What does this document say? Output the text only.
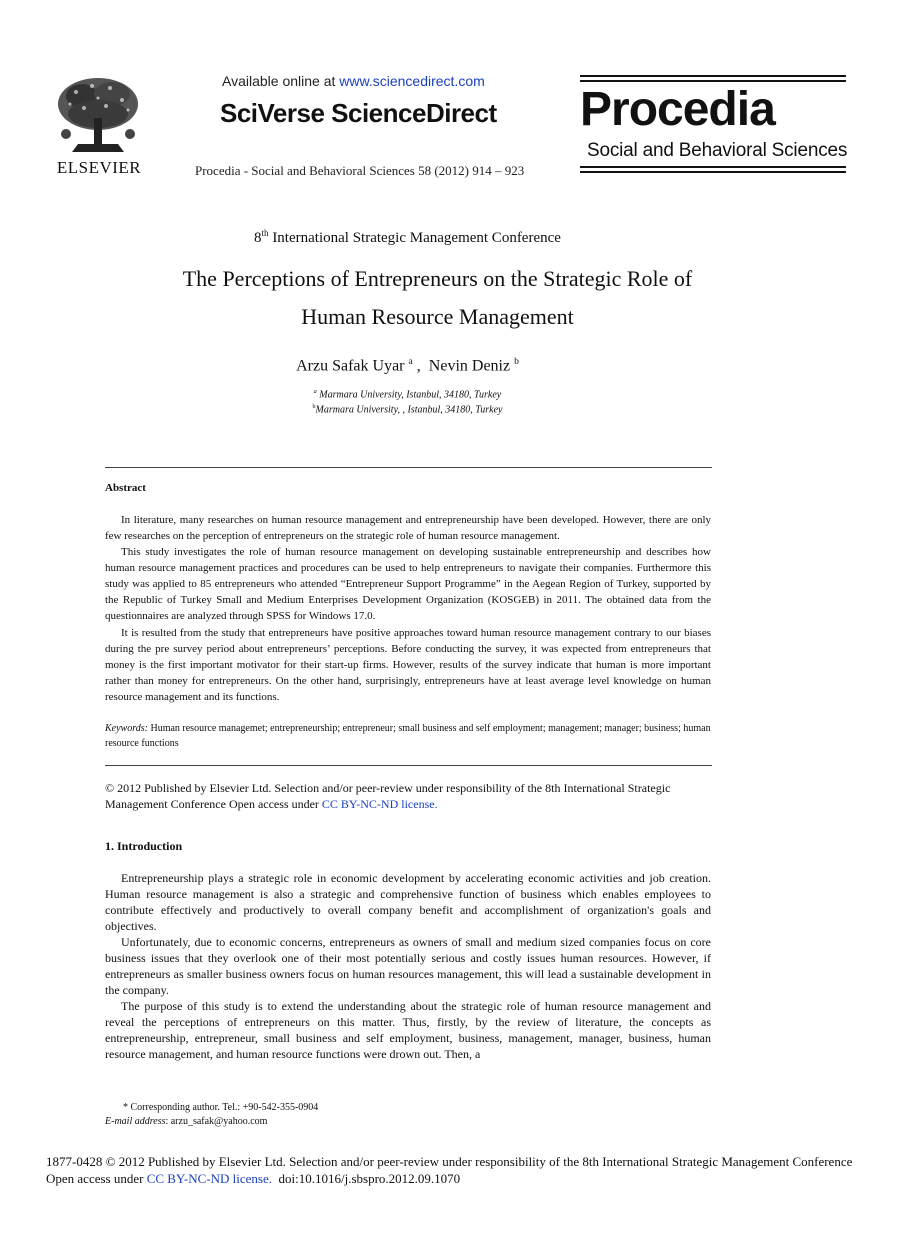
ELSEVIER
Available online at www.sciencedirect.com
SciVerse ScienceDirect
Procedia - Social and Behavioral Sciences 58 (2012) 914 – 923
Procedia
Social and Behavioral Sciences
8th International Strategic Management Conference
The Perceptions of Entrepreneurs on the Strategic Role of
Human Resource Management
Arzu Safak Uyar $^a$ ,  Nevin Deniz $^b$
$^a$ Marmara University, Istanbul, 34180, Turkey
$^b$Marmara University, , Istanbul, 34180, Turkey
Abstract
In literature, many researches on human resource management and entrepreneurship have been developed. However, there are only few researches on the perception of entrepreneurs on the strategic role of human resource management.
This study investigates the role of human resource management on developing sustainable entrepreneurship and describes how human resource management practices and procedures can be used to help entrepreneurs to navigate their companies. Furthermore this study was applied to 85 entrepreneurs who attended “Entrepreneur Support Programme” in the Aegean Region of Turkey, supported by the Republic of Turkey Small and Medium Enterprises Development Organization (KOSGEB) in 2011. The obtained data from the questionnaires are analyzed through SPSS for Windows 17.0.
It is resulted from the study that entrepreneurs have positive approaches toward human resource management contrary to our biases during the pre survey period about entrepreneurs’ perceptions. Before conducting the survey, it was expected from entrepreneurs that money is the first important motivator for their start-up firms. However, results of the survey indicate that human is more important rather than money for entrepreneurs. On the other hand, surprisingly, entrepreneurs have at least average level knowledge on human resource management and its functions.
Keywords: Human resource managemet; entrepreneurship; entrepreneur; small business and self employment; management; manager; business; human resource functions
© 2012 Published by Elsevier Ltd. Selection and/or peer-review under responsibility of the 8th International Strategic Management Conference Open access under CC BY-NC-ND license.
1. Introduction
Entrepreneurship plays a strategic role in economic development by accelerating economic activities and job creation. Human resource management is also a strategic and comprehensive function of business which enables employees to contribute effectively and productively to overall company benefit and accomplishment of organization's goals and objectives.
Unfortunately, due to economic concerns, entrepreneurs as owners of small and medium sized companies focus on core business issues that they overlook one of their most potentially serious and costly issues human resources. However, if entrepreneurs as smaller business owners focus on human resources management, this will lead a sustainable development in the company.
The purpose of this study is to extend the understanding about the strategic role of human resource management and reveal the perceptions of entrepreneurs on this matter. Thus, firstly, by the review of literature, the concepts as entrepreneurship, entrepreneur, small business and self employment, business, management, manager, business, human resource management, and human resource functions were drown out. Then, a
* Corresponding author. Tel.: +90-542-355-0904
E-mail address: arzu_safak@yahoo.com
1877-0428 © 2012 Published by Elsevier Ltd. Selection and/or peer-review under responsibility of the 8th International Strategic Management Conference
Open access under CC BY-NC-ND license.  doi:10.1016/j.sbspro.2012.09.1070
